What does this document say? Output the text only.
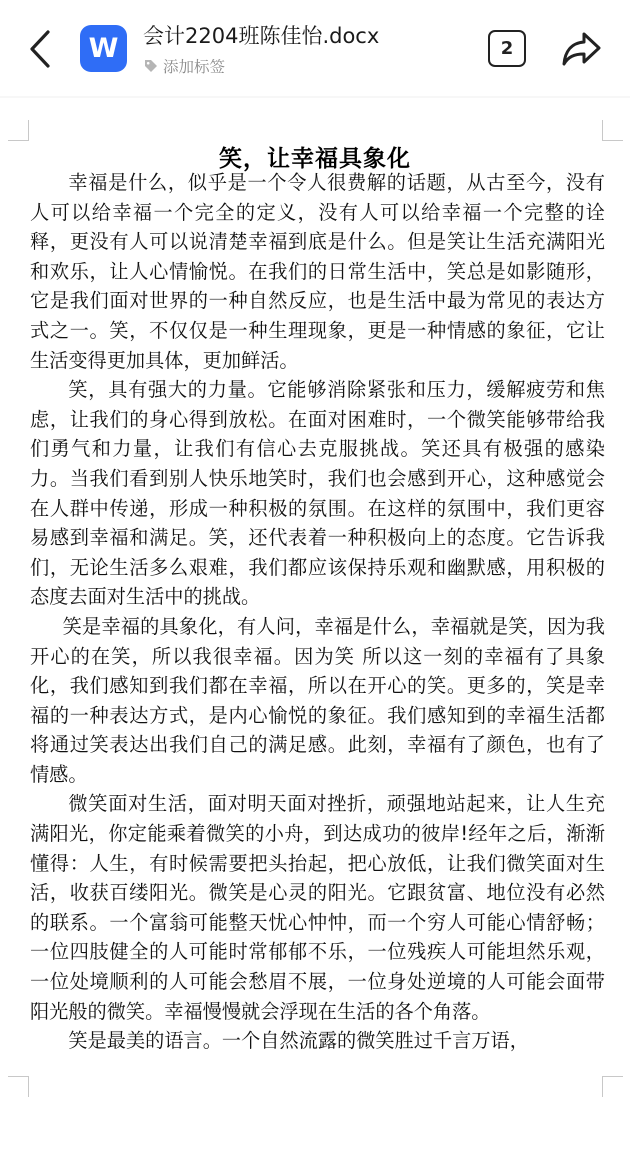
W 会计2204班陈佳怡.docx
添加标签
2
笑，让幸福具象化

幸福是什么，似乎是一个令人很费解的话题，从古至今，没有人可以给幸福一个完全的定义，没有人可以给幸福一个完整的诠释，更没有人可以说清楚幸福到底是什么。但是笑让生活充满阳光和欢乐，让人心情愉悦。在我们的日常生活中，笑总是如影随形，它是我们面对世界的一种自然反应，也是生活中最为常见的表达方式之一。笑，不仅仅是一种生理现象，更是一种情感的象征，它让生活变得更加具体，更加鲜活。

笑，具有强大的力量。它能够消除紧张和压力，缓解疲劳和焦虑，让我们的身心得到放松。在面对困难时，一个微笑能够带给我们勇气和力量，让我们有信心去克服挑战。笑还具有极强的感染力。当我们看到别人快乐地笑时，我们也会感到开心，这种感觉会在人群中传递，形成一种积极的氛围。在这样的氛围中，我们更容易感到幸福和满足。笑，还代表着一种积极向上的态度。它告诉我们，无论生活多么艰难，我们都应该保持乐观和幽默感，用积极的态度去面对生活中的挑战。

笑是幸福的具象化，有人问，幸福是什么，幸福就是笑，因为我开心的在笑，所以我很幸福。因为笑 所以这一刻的幸福有了具象化，我们感知到我们都在幸福，所以在开心的笑。更多的，笑是幸福的一种表达方式，是内心愉悦的象征。我们感知到的幸福生活都将通过笑表达出我们自己的满足感。此刻，幸福有了颜色，也有了情感。

微笑面对生活，面对明天面对挫折，顽强地站起来，让人生充满阳光，你定能乘着微笑的小舟，到达成功的彼岸!经年之后，渐渐懂得：人生，有时候需要把头抬起，把心放低，让我们微笑面对生活，收获百缕阳光。微笑是心灵的阳光。它跟贫富、地位没有必然的联系。一个富翁可能整天忧心忡忡，而一个穷人可能心情舒畅；一位四肢健全的人可能时常郁郁不乐，一位残疾人可能坦然乐观，一位处境顺利的人可能会愁眉不展，一位身处逆境的人可能会面带阳光般的微笑。幸福慢慢就会浮现在生活的各个角落。

笑是最美的语言。一个自然流露的微笑胜过千言万语，
